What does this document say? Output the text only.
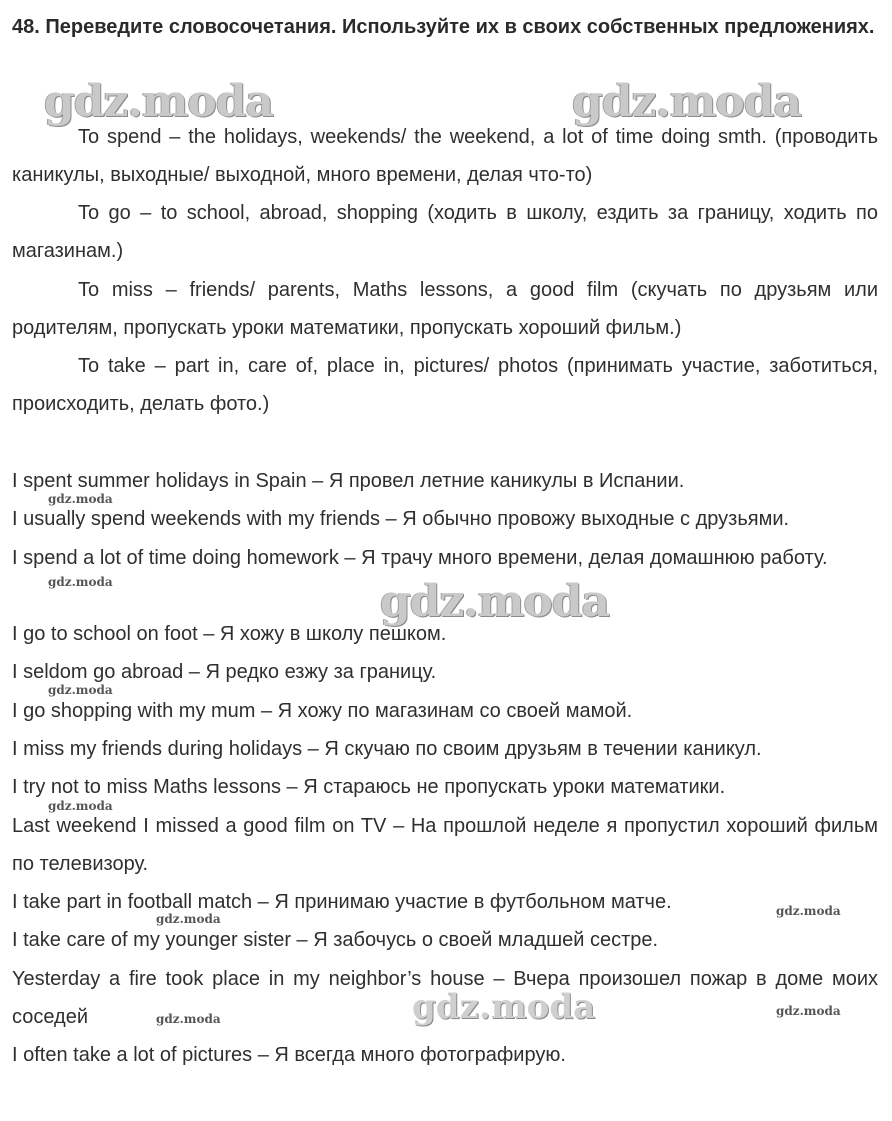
48. Переведите словосочетания. Используйте их в своих собственных предложениях.
To spend – the holidays, weekends/ the weekend, a lot of time doing smth. (проводить каникулы, выходные/ выходной, много времени, делая что-то)
To go – to school, abroad, shopping (ходить в школу, ездить за границу, ходить по магазинам.)
To miss – friends/ parents, Maths lessons, a good film (скучать по друзьям или родителям, пропускать уроки математики, пропускать хороший фильм.)
To take – part in, care of, place in, pictures/ photos (принимать участие, заботиться, происходить, делать фото.)
I spent summer holidays in Spain – Я провел летние каникулы в Испании.
I usually spend weekends with my friends – Я обычно провожу выходные с друзьями.
I spend a lot of time doing homework – Я трачу много времени, делая домашнюю работу.
I go to school on foot – Я хожу в школу пешком.
I seldom go abroad – Я редко езжу за границу.
I go shopping with my mum – Я хожу по магазинам со своей мамой.
I miss my friends during holidays – Я скучаю по своим друзьям в течении каникул.
I try not to miss Maths lessons – Я стараюсь не пропускать уроки математики.
Last weekend I missed a good film on TV – На прошлой неделе я пропустил хороший фильм по телевизору.
I take part in football match – Я принимаю участие в футбольном матче.
I take care of my younger sister – Я забочусь о своей младшей сестре.
Yesterday a fire took place in my neighbor’s house – Вчера произошел пожар в доме моих соседей
I often take a lot of pictures – Я всегда много фотографирую.
gdz.moda	gdz.moda
gdz.moda
gdz.moda
gdz.moda
gdz.moda
gdz.moda
gdz.moda
gdz.moda
gdz.moda
gdz.moda
gdz.moda
